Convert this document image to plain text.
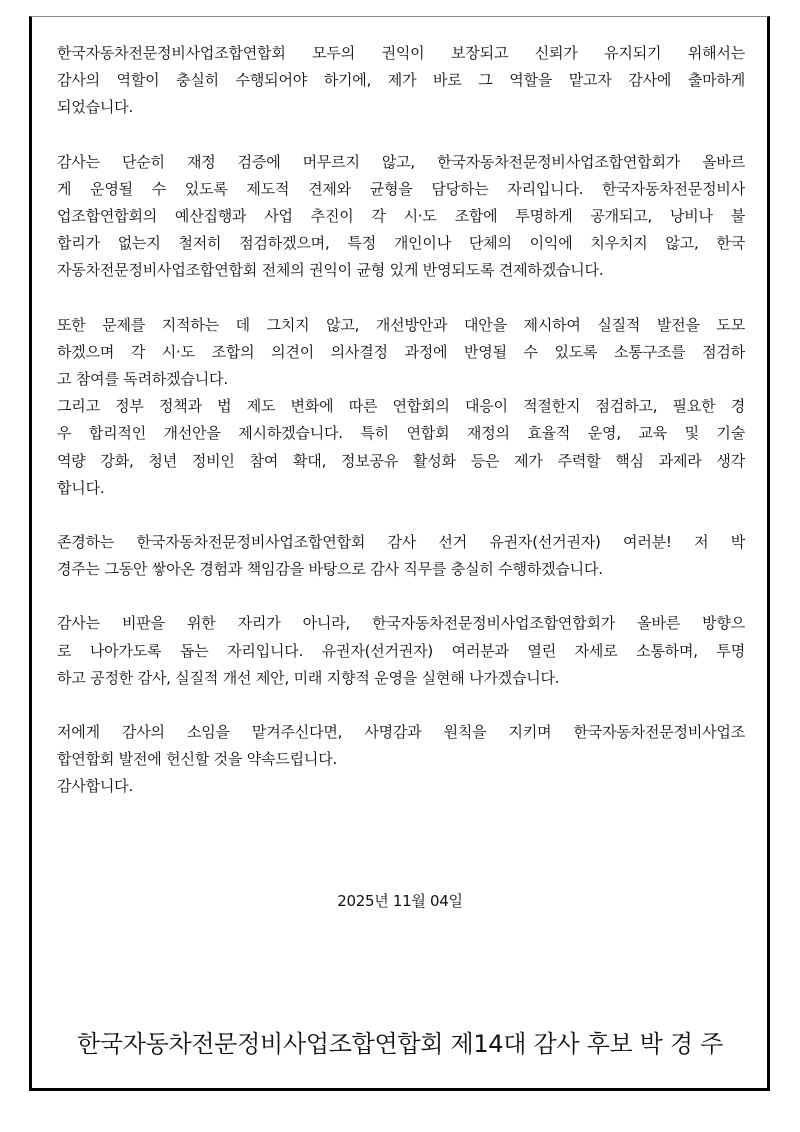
한국자동차전문정비사업조합연합회 모두의 권익이 보장되고 신뢰가 유지되기 위해서는
감사의 역할이 충실히 수행되어야 하기에, 제가 바로 그 역할을 맡고자 감사에 출마하게
되었습니다.

감사는 단순히 재정 검증에 머무르지 않고, 한국자동차전문정비사업조합연합회가 올바르
게 운영될 수 있도록 제도적 견제와 균형을 담당하는 자리입니다. 한국자동차전문정비사
업조합연합회의 예산집행과 사업 추진이 각 시·도 조합에 투명하게 공개되고, 낭비나 불
합리가 없는지 철저히 점검하겠으며, 특정 개인이나 단체의 이익에 치우치지 않고, 한국
자동차전문정비사업조합연합회 전체의 권익이 균형 있게 반영되도록 견제하겠습니다.

또한 문제를 지적하는 데 그치지 않고, 개선방안과 대안을 제시하여 실질적 발전을 도모
하겠으며 각 시·도 조합의 의견이 의사결정 과정에 반영될 수 있도록 소통구조를 점검하
고 참여를 독려하겠습니다.

그리고 정부 정책과 법 제도 변화에 따른 연합회의 대응이 적절한지 점검하고, 필요한 경
우 합리적인 개선안을 제시하겠습니다. 특히 연합회 재정의 효율적 운영, 교육 및 기술
역량 강화, 청년 정비인 참여 확대, 정보공유 활성화 등은 제가 주력할 핵심 과제라 생각
합니다.

존경하는 한국자동차전문정비사업조합연합회 감사 선거 유권자(선거권자) 여러분! 저 박
경주는 그동안 쌓아온 경험과 책임감을 바탕으로 감사 직무를 충실히 수행하겠습니다.

감사는 비판을 위한 자리가 아니라, 한국자동차전문정비사업조합연합회가 올바른 방향으
로 나아가도록 돕는 자리입니다. 유권자(선거권자) 여러분과 열린 자세로 소통하며, 투명
하고 공정한 감사, 실질적 개선 제안, 미래 지향적 운영을 실현해 나가겠습니다.

저에게 감사의 소임을 맡겨주신다면, 사명감과 원칙을 지키며 한국자동차전문정비사업조
합연합회 발전에 헌신할 것을 약속드립니다.

감사합니다.

2025년 11월 04일
한국자동차전문정비사업조합연합회 제14대 감사 후보 박 경 주
